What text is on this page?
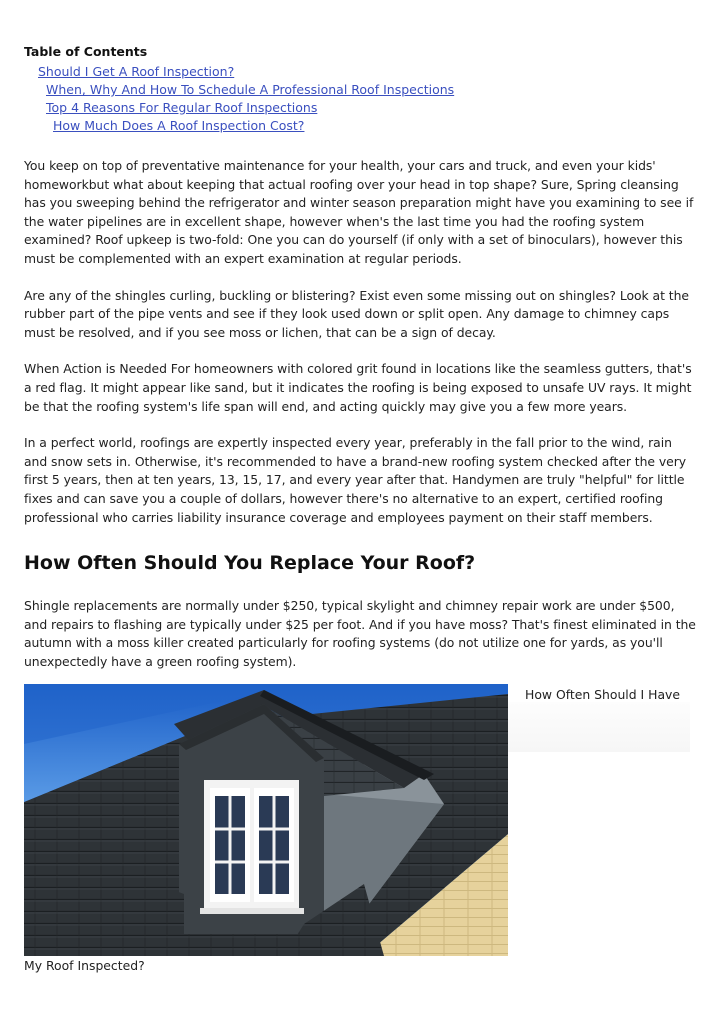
Table of Contents
Should I Get A Roof Inspection?
When, Why And How To Schedule A Professional Roof Inspections
Top 4 Reasons For Regular Roof Inspections
How Much Does A Roof Inspection Cost?

You keep on top of preventative maintenance for your health, your cars and truck, and even your kids' homeworkbut what about keeping that actual roofing over your head in top shape? Sure, Spring cleansing has you sweeping behind the refrigerator and winter season preparation might have you examining to see if the water pipelines are in excellent shape, however when's the last time you had the roofing system examined? Roof upkeep is two-fold: One you can do yourself (if only with a set of binoculars), however this must be complemented with an expert examination at regular periods.

Are any of the shingles curling, buckling or blistering? Exist even some missing out on shingles? Look at the rubber part of the pipe vents and see if they look used down or split open. Any damage to chimney caps must be resolved, and if you see moss or lichen, that can be a sign of decay.

When Action is Needed For homeowners with colored grit found in locations like the seamless gutters, that's a red flag. It might appear like sand, but it indicates the roofing is being exposed to unsafe UV rays. It might be that the roofing system's life span will end, and acting quickly may give you a few more years.

In a perfect world, roofings are expertly inspected every year, preferably in the fall prior to the wind, rain and snow sets in. Otherwise, it's recommended to have a brand-new roofing system checked after the very first 5 years, then at ten years, 13, 15, 17, and every year after that. Handymen are truly "helpful" for little fixes and can save you a couple of dollars, however there's no alternative to an expert, certified roofing professional who carries liability insurance coverage and employees payment on their staff members.

How Often Should You Replace Your Roof?

Shingle replacements are normally under $250, typical skylight and chimney repair work are under $500, and repairs to flashing are typically under $25 per foot. And if you have moss? That's finest eliminated in the autumn with a moss killer created particularly for roofing systems (do not utilize one for yards, as you'll unexpectedly have a green roofing system).

How Often Should I Have
My Roof Inspected?
